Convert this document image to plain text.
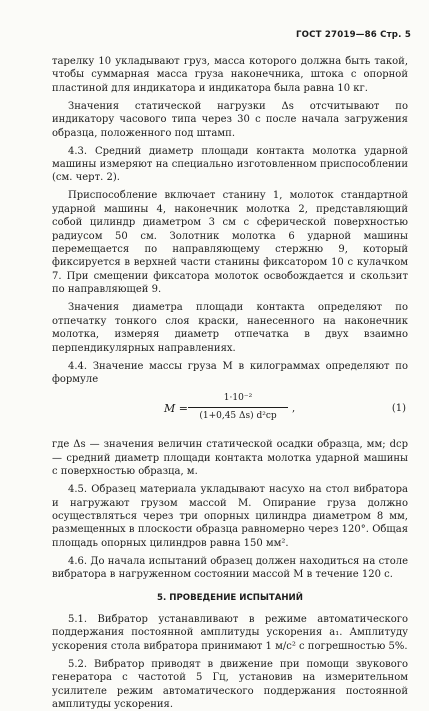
ГОСТ 27019—86 Стр. 5

тарелку 10 укладывают груз, масса которого должна быть такой, чтобы суммарная масса груза наконечника, штока с опорной пластиной для индикатора и индикатора была равна 10 кг.

Значения статической нагрузки Δs отсчитывают по индикатору часового типа через 30 с после начала загружения образца, положенного под штамп.

4.3. Средний диаметр площади контакта молотка ударной машины измеряют на специально изготовленном приспособлении (см. черт. 2).

Приспособление включает станину 1, молоток стандартной ударной машины 4, наконечник молотка 2, представляющий собой цилиндр диаметром 3 см с сферической поверхностью радиусом 50 см. Золотник молотка 6 ударной машины перемещается по направляющему стержню 9, который фиксируется в верхней части станины фиксатором 10 с кулачком 7. При смещении фиксатора молоток освобождается и скользит по направляющей 9.

Значения диаметра площади контакта определяют по отпечатку тонкого слоя краски, нанесенного на наконечник молотка, измеряя диаметр отпечатка в двух взаимно перпендикулярных направлениях.

4.4. Значение массы груза M в килограммах определяют по формуле

M =
1·10⁻²
(1+0,45 Δs) d²ср
,	(1)

где Δs — значения величин статической осадки образца, мм; dср — средний диаметр площади контакта молотка ударной машины с поверхностью образца, м.

4.5. Образец материала укладывают насухо на стол вибратора и нагружают грузом массой M. Опирание груза должно осуществляться через три опорных цилиндра диаметром 8 мм, размещенных в плоскости образца равномерно через 120°. Общая площадь опорных цилиндров равна 150 мм².

4.6. До начала испытаний образец должен находиться на столе вибратора в нагруженном состоянии массой M в течение 120 с.

5. ПРОВЕДЕНИЕ ИСПЫТАНИЙ

5.1. Вибратор устанавливают в режиме автоматического поддержания постоянной амплитуды ускорения a₁. Амплитуду ускорения стола вибратора принимают 1 м/с² с погрешностью 5%.

5.2. Вибратор приводят в движение при помощи звукового генератора с частотой 5 Гц, установив на измерительном усилителе режим автоматического поддержания постоянной амплитуды ускорения.
